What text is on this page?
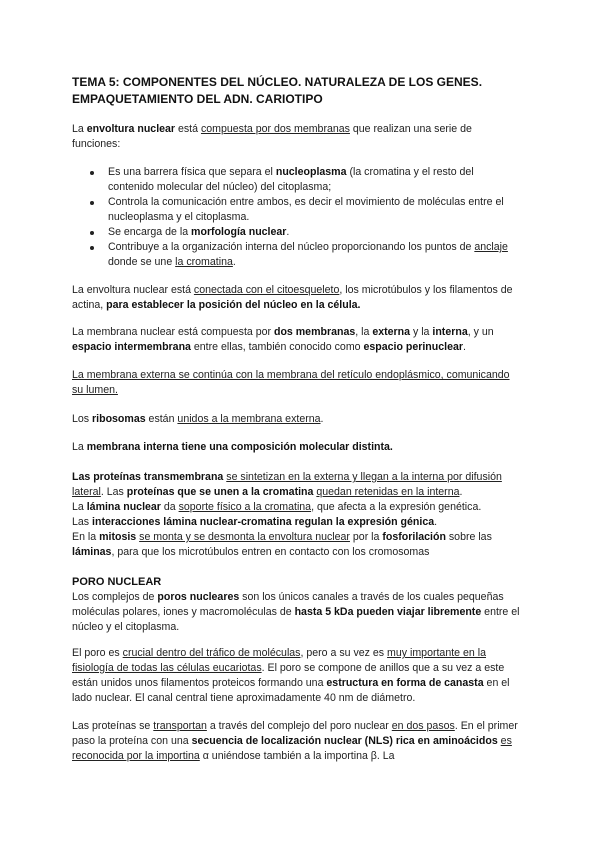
TEMA 5: COMPONENTES DEL NÚCLEO. NATURALEZA DE LOS GENES.
EMPAQUETAMIENTO DEL ADN. CARIOTIPO

La envoltura nuclear está compuesta por dos membranas que realizan una serie de funciones:

Es una barrera física que separa el nucleoplasma (la cromatina y el resto del contenido molecular del núcleo) del citoplasma;
Controla la comunicación entre ambos, es decir el movimiento de moléculas entre el nucleoplasma y el citoplasma.
Se encarga de la morfología nuclear.
Contribuye a la organización interna del núcleo proporcionando los puntos de anclaje donde se une la cromatina.

La envoltura nuclear está conectada con el citoesqueleto, los microtúbulos y los filamentos de actina, para establecer la posición del núcleo en la célula.

La membrana nuclear está compuesta por dos membranas, la externa y la interna, y un espacio intermembrana entre ellas, también conocido como espacio perinuclear.

La membrana externa se continúa con la membrana del retículo endoplásmico, comunicando su lumen.

Los ribosomas están unidos a la membrana externa.

La membrana interna tiene una composición molecular distinta.

Las proteínas transmembrana se sintetizan en la externa y llegan a la interna por difusión lateral. Las proteínas que se unen a la cromatina quedan retenidas en la interna.
La lámina nuclear da soporte físico a la cromatina, que afecta a la expresión genética.
Las interacciones lámina nuclear-cromatina regulan la expresión génica.
En la mitosis se monta y se desmonta la envoltura nuclear por la fosforilación sobre las láminas, para que los microtúbulos entren en contacto con los cromosomas
PORO NUCLEAR

Los complejos de poros nucleares son los únicos canales a través de los cuales pequeñas moléculas polares, iones y macromoléculas de hasta 5 kDa pueden viajar libremente entre el núcleo y el citoplasma.

El poro es crucial dentro del tráfico de moléculas, pero a su vez es muy importante en la fisiología de todas las células eucariotas. El poro se compone de anillos que a su vez a este están unidos unos filamentos proteicos formando una estructura en forma de canasta en el lado nuclear. El canal central tiene aproximadamente 40 nm de diámetro.

Las proteínas se transportan a través del complejo del poro nuclear en dos pasos. En el primer paso la proteína con una secuencia de localización nuclear (NLS) rica en aminoácidos es reconocida por la importina α uniéndose también a la importina β. La
